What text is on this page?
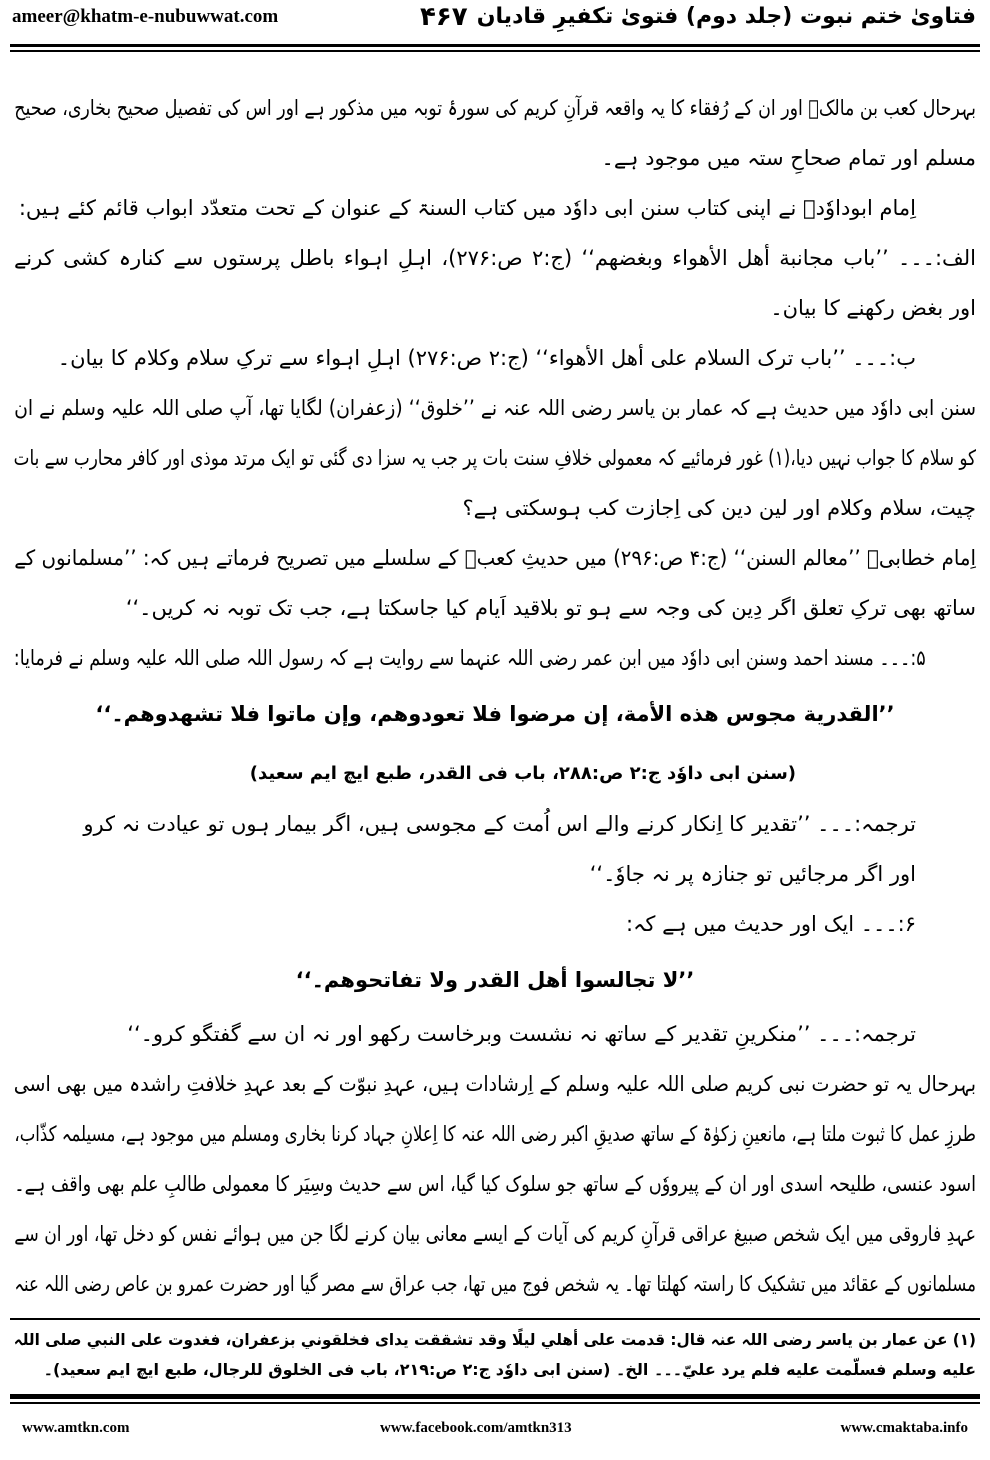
ameer@khatm-e-nubuwwat.com	۴۶۷ فتاویٰ ختم نبوت (جلد دوم) فتویٰ تکفیرِ قادیان
بہرحال کعب بن مالکؓ اور ان کے رُفقاء کا یہ واقعہ قرآنِ کریم کی سورۂ توبہ میں مذکور ہے اور اس کی تفصیل صحیح بخاری، صحیح
مسلم اور تمام صحاحِ ستہ میں موجود ہے۔
اِمام ابوداوٗدؒ نے اپنی کتاب سنن ابی داوٗد میں کتاب السنۃ کے عنوان کے تحت متعدّد ابواب قائم کئے ہیں:
الف:۔۔۔ ’’باب مجانبة أهل الأهواء وبغضهم‘‘ (ج:۲ ص:۲۷۶)، اہلِ اہواء باطل پرستوں سے کنارہ کشی کرنے
اور بغض رکھنے کا بیان۔
ب:۔۔۔ ’’باب ترک السلام علی أهل الأهواء‘‘ (ج:۲ ص:۲۷۶) اہلِ اہواء سے ترکِ سلام وکلام کا بیان۔
سنن ابی داوٗد میں حدیث ہے کہ عمار بن یاسر رضی اللہ عنہ نے ’’خلوق‘‘ (زعفران) لگایا تھا، آپ صلی اللہ علیہ وسلم نے ان
کو سلام کا جواب نہیں دیا،(۱) غور فرمائیے کہ معمولی خلافِ سنت بات پر جب یہ سزا دی گئی تو ایک مرتد موذی اور کافر محارب سے بات
چیت، سلام وکلام اور لین دین کی اِجازت کب ہوسکتی ہے؟
اِمام خطابیؒ ’’معالم السنن‘‘ (ج:۴ ص:۲۹۶) میں حدیثِ کعبؓ کے سلسلے میں تصریح فرماتے ہیں کہ: ’’مسلمانوں کے
ساتھ بھی ترکِ تعلق اگر دِین کی وجہ سے ہو تو بلاقید اَیام کیا جاسکتا ہے، جب تک توبہ نہ کریں۔‘‘
۵:۔۔۔ مسند احمد وسنن ابی داوٗد میں ابن عمر رضی اللہ عنہما سے روایت ہے کہ رسول اللہ صلی اللہ علیہ وسلم نے فرمایا:
’’القدرية مجوس هذه الأمة، إن مرضوا فلا تعودوهم، وإن ماتوا فلا تشهدوهم۔‘‘
(سنن ابی داوٗد ج:۲ ص:۲۸۸، باب فی القدر، طبع ایچ ایم سعید)
ترجمہ:۔۔۔ ’’تقدیر کا اِنکار کرنے والے اس اُمت کے مجوسی ہیں، اگر بیمار ہوں تو عیادت نہ کرو
اور اگر مرجائیں تو جنازہ پر نہ جاوٗ۔‘‘
۶:۔۔۔ ایک اور حدیث میں ہے کہ:
’’لا تجالسوا أهل القدر ولا تفاتحوهم۔‘‘
ترجمہ:۔۔۔ ’’منکرینِ تقدیر کے ساتھ نہ نشست وبرخاست رکھو اور نہ ان سے گفتگو کرو۔‘‘
بہرحال یہ تو حضرت نبی کریم صلی اللہ علیہ وسلم کے اِرشادات ہیں، عہدِ نبوّت کے بعد عہدِ خلافتِ راشدہ میں بھی اسی
طرزِ عمل کا ثبوت ملتا ہے، مانعینِ زکوٰۃ کے ساتھ صدیقِ اکبر رضی اللہ عنہ کا اِعلانِ جہاد کرنا بخاری ومسلم میں موجود ہے، مسیلمہ کذّاب،
اسود عنسی، طلیحہ اسدی اور ان کے پیرووٗں کے ساتھ جو سلوک کیا گیا، اس سے حدیث وسِیَر کا معمولی طالبِ علم بھی واقف ہے۔
عہدِ فاروقی میں ایک شخص صبیغ عراقی قرآنِ کریم کی آیات کے ایسے معانی بیان کرنے لگا جن میں ہوائے نفس کو دخل تھا، اور ان سے
مسلمانوں کے عقائد میں تشکیک کا راستہ کھلتا تھا۔ یہ شخص فوج میں تھا، جب عراق سے مصر گیا اور حضرت عمرو بن عاص رضی اللہ عنہ
(۱) عن عمار بن یاسر رضی اللہ عنہ قال: قدمت علی أهلي لیلًا وقد تشققت یدای فخلقوني بزعفران، فغدوت علی النبي صلی اللہ
علیه وسلم فسلّمت علیه فلم یرد عليّ۔۔۔ الخ۔ (سنن ابی داوٗد ج:۲ ص:۲۱۹، باب فی الخلوق للرجال، طبع ایچ ایم سعید)۔
www.amtkn.com	www.facebook.com/amtkn313	www.cmaktaba.info
